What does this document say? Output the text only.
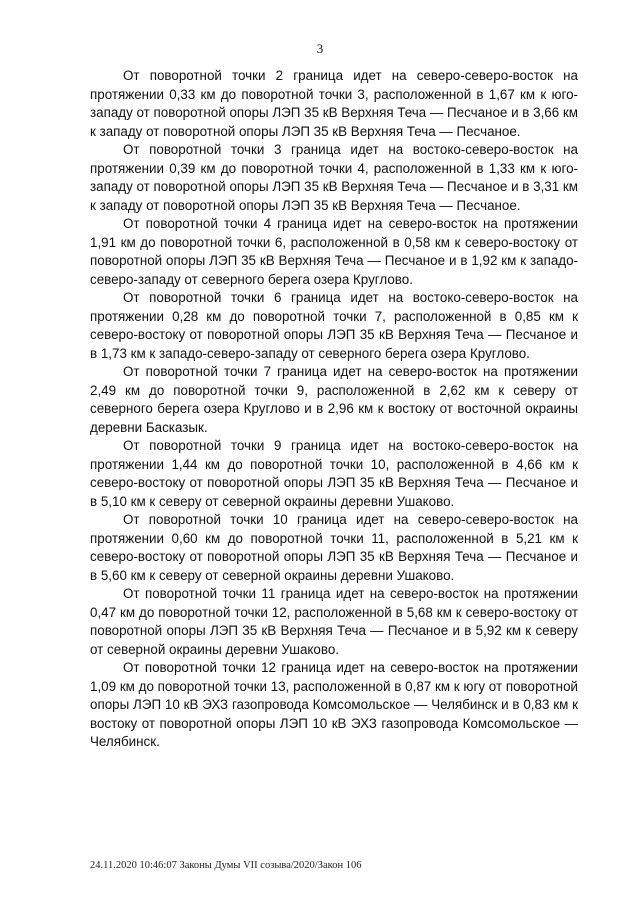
3

От поворотной точки 2 граница идет на северо-северо-восток на протяжении 0,33 км до поворотной точки 3, расположенной в 1,67 км к юго-западу от поворотной опоры ЛЭП 35 кВ Верхняя Теча — Песчаное и в 3,66 км к западу от поворотной опоры ЛЭП 35 кВ Верхняя Теча — Песчаное.

От поворотной точки 3 граница идет на востоко-северо-восток на протяжении 0,39 км до поворотной точки 4, расположенной в 1,33 км к юго-западу от поворотной опоры ЛЭП 35 кВ Верхняя Теча — Песчаное и в 3,31 км к западу от поворотной опоры ЛЭП 35 кВ Верхняя Теча — Песчаное.

От поворотной точки 4 граница идет на северо-восток на протяжении 1,91 км до поворотной точки 6, расположенной в 0,58 км к северо-востоку от поворотной опоры ЛЭП 35 кВ Верхняя Теча — Песчаное и в 1,92 км к западо-северо-западу от северного берега озера Круглово.

От поворотной точки 6 граница идет на востоко-северо-восток на протяжении 0,28 км до поворотной точки 7, расположенной в 0,85 км к северо-востоку от поворотной опоры ЛЭП 35 кВ Верхняя Теча — Песчаное и в 1,73 км к западо-северо-западу от северного берега озера Круглово.

От поворотной точки 7 граница идет на северо-восток на протяжении 2,49 км до поворотной точки 9, расположенной в 2,62 км к северу от северного берега озера Круглово и в 2,96 км к востоку от восточной окраины деревни Басказык.

От поворотной точки 9 граница идет на востоко-северо-восток на протяжении 1,44 км до поворотной точки 10, расположенной в 4,66 км к северо-востоку от поворотной опоры ЛЭП 35 кВ Верхняя Теча — Песчаное и в 5,10 км к северу от северной окраины деревни Ушаково.

От поворотной точки 10 граница идет на северо-северо-восток на протяжении 0,60 км до поворотной точки 11, расположенной в 5,21 км к северо-востоку от поворотной опоры ЛЭП 35 кВ Верхняя Теча — Песчаное и в 5,60 км к северу от северной окраины деревни Ушаково.

От поворотной точки 11 граница идет на северо-восток на протяжении 0,47 км до поворотной точки 12, расположенной в 5,68 км к северо-востоку от поворотной опоры ЛЭП 35 кВ Верхняя Теча — Песчаное и в 5,92 км к северу от северной окраины деревни Ушаково.

От поворотной точки 12 граница идет на северо-восток на протяжении 1,09 км до поворотной точки 13, расположенной в 0,87 км к югу от поворотной опоры ЛЭП 10 кВ ЭХЗ газопровода Комсомольское — Челябинск и в 0,83 км к востоку от поворотной опоры ЛЭП 10 кВ ЭХЗ газопровода Комсомольское — Челябинск.

24.11.2020 10:46:07 Законы Думы VII созыва/2020/Закон 106
